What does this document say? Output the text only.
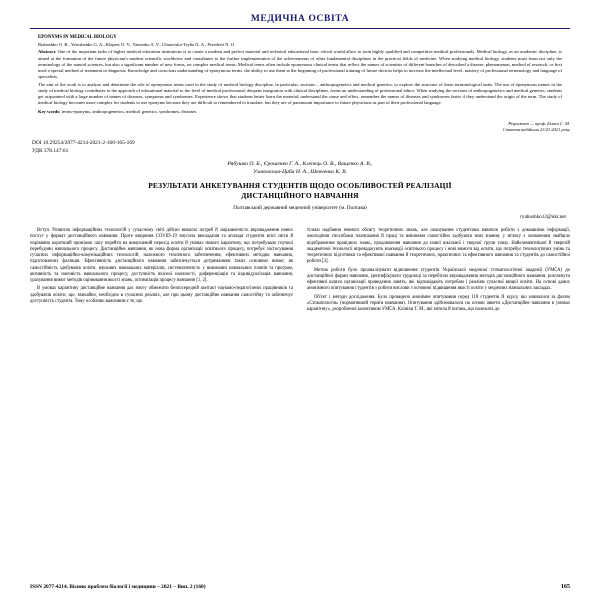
МЕДИЧНА ОСВІТА
EPONYMS IN MEDICAL BIOLOGY
Riabushko O. B., Yeroshenko G. A., Klepets O. V., Vatsenko A. V., Ulanovska-Tsyba N. A., Perederii N. O.

Abstract. One of the important tasks of higher medical education institutions is to create a modern and perfect material and technical educational base, which would allow to train highly qualified and competitive medical professionals. Medical biology, as an academic discipline, is aimed at the formation of the future physician's modern scientific worldview and contributes to the further implementation of the achievements of other fundamental disciplines in the practical fields of medicine. When studying medical biology, students must learn not only the terminology of the natural sciences, but also a significant number of new forms, on complex medical terms. Medical terms often include eponymous clinical terms that reflect the names of scientists of different branches of described a disease, phenomenon, method of research, or first used a special method of treatment or diagnosis. Knowledge and conscious understanding of eponymous terms, the ability to use them at the beginning of professional training of future doctors helps to increase the intellectual level, mastery of professional terminology and language of specialists.

The aim of the work is to analyze and determine the role of eponymous terms used in the study of medical biology discipline, in particular, sections – anthropogenetics and medical genetics, to explore the structure of these terminological units. The use of eponymous names in the study of medical biology contributes to the approach of educational material to the level of medical professional, deepens integration with clinical disciplines, forms an understanding of professional ethics. When studying the sections of anthropogenetics and medical genetics, students get acquainted with a large number of names of diseases, symptoms and syndromes. Experience shows that students better learn the material, understand the cause and effect, remember the names of diseases and syndromes faster if they understand the origin of the term. The study of medical biology becomes more complex for students to use eponyms because they are difficult to remembered to translate, but they are of paramount importance to future physicians as part of their professional language.

Key words: terms-eponyms, anthropogenetics, medical genetics, syndromes, diseases.
Рецензент — проф. Білаш С. М.
Стаття надійшла 23.01.2021 року
DOI 10.29254/2077-4214-2021-2-160-165-169
УДК 378.147:61
Рябушко О. Б., Єрошенко Г. А., Клепець О. В., Ващенко А. В.,
Улановська-Циба Н. А., Шевченко К. В.
РЕЗУЛЬТАТИ АНКЕТУВАННЯ СТУДЕНТІВ ЩОДО ОСОБЛИВОСТЕЙ РЕАЛІЗАЦІЇ
ДИСТАНЦІЙНОГО НАВЧАННЯ
Полтавський державний медичний університет (м. Полтава)
ryabushko12@ukr.net

Вступ. Розвиток інформаційних технологій у сучасному світі дійсно вимагає потреб й зацікавленість впровадження нових послуг у формат дистанційного навчання. Проте введення COVID-19 змусила викладачів та аплаздя студентів всієї світи й порівняно коротший проміжок часу перейти на вимушений перехід освіти й умовах нового карантину, що потребувало гнучкої перебудови навчального процесу. Дистанційне навчання, як нова форма організації освітнього процесу, потребує застосування сучасних інформаційно-комунікаційних технологій, належного технічного забезпечення, ефективних методик навчання, підготовлених фахівців. Ефективність дистанційного навчання забезпечується дотриманням таких основних вимог, як самостійність здобувачів освіти, наукових навчальних матеріалів, систематичність у виконанні навчальних планів та програм, активність та наочність навчального процесу, доступність якісної наочності, диференціація та індивідуалізація навчання, урахування вимог методів оцінювання якості знань, оптимізація процесу навчання [1, 2].

В умовах карантину дистанційне навчання дає змогу обмежити безпосередній контакт науково-педагогічних працівників та здобувачів освіти, що, звичайно, необхідно в сучасних реаліях, але при цьому дистанційне навчання самостійну та забезпечує доступність студента. Тому особливо важливим є те, що

тільки надбання певного обсягу теоретичних знань, але опанування студентами навичок роботи з домашніми інформації, оволодіння способами планування й праці та вміннями самостійно здобувати нові знання, у зв'язку з зазначеним знайшло відображення провідних знань, продовження навчання до нової шкільної і творчої групи тощо. Найелементнішої й тверезій академічної технології впроваджують взаємодії освітнього процесу і нові вимоги від освіти, що потребує технологічних умінь та теоретичних підготовки та ефективної навчання й теоретичних, практичних та ефективного навчання та студентів до самостійної роботи [3].

Метою роботи було проаналізувати відношення студентів Української медичної стоматологічної академії (УМСА) до дистанційної форми навчання, ідентифікувати труднощі за перебігом впровадження методів дистанційного навчання, розглянути ефективні шляхи організації проведення занять, які відповідають потребам і реаліям сучасної вищої освіти. На основі даних анонімного опитування студентів з робити вислови з основної підвищення якості освіти у медичних навчальних закладах.

Об'єкт і методи дослідження. Було проведено анонімне опитування серед 118 студентів II курсу, що навчалися за фахом «Стоматологія» (нормативний термін навчання). Опитування здійснювалося на основі анкети «Дистанційне навчання в умовах карантину», розробленої колективом УМСА. Клініки Т. М., які мітила й питань, що належать до

ISSN 2077-4214. Вісник проблем біології і медицини – 2021 – Вип. 2 (160)	165
